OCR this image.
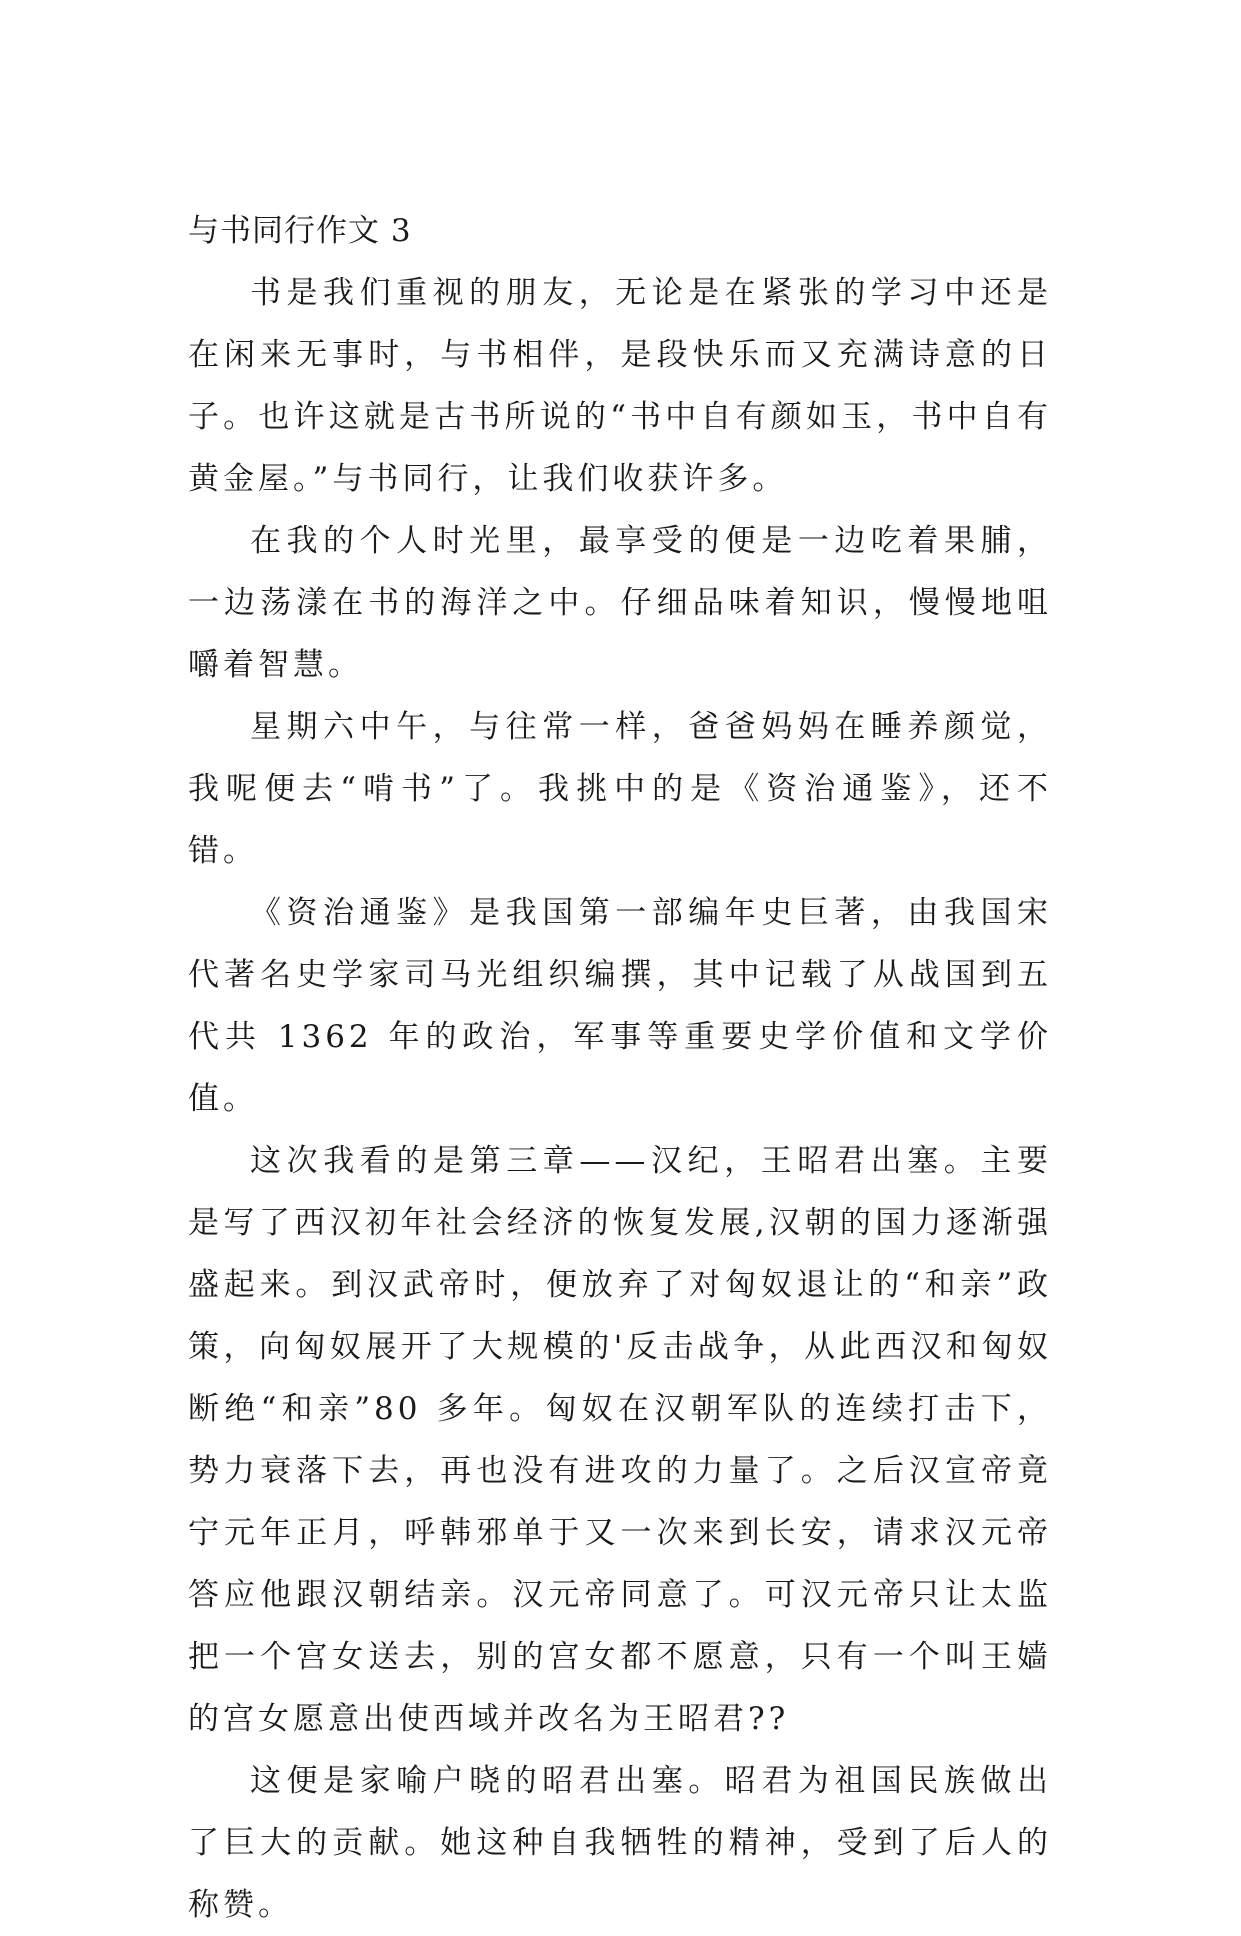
与书同行作文 3

书是我们重视的朋友，无论是在紧张的学习中还是在闲来无事时，与书相伴，是段快乐而又充满诗意的日子。也许这就是古书所说的“书中自有颜如玉，书中自有黄金屋。”与书同行，让我们收获许多。

在我的个人时光里，最享受的便是一边吃着果脯，一边荡漾在书的海洋之中。仔细品味着知识，慢慢地咀嚼着智慧。

星期六中午，与往常一样，爸爸妈妈在睡养颜觉，我呢便去“啃书”了。我挑中的是《资治通鉴》，还不错。

《资治通鉴》是我国第一部编年史巨著，由我国宋代著名史学家司马光组织编撰，其中记载了从战国到五代共 1362 年的政治，军事等重要史学价值和文学价值。

这次我看的是第三章——汉纪，王昭君出塞。主要是写了西汉初年社会经济的恢复发展,汉朝的国力逐渐强盛起来。到汉武帝时，便放弃了对匈奴退让的“和亲”政策，向匈奴展开了大规模的'反击战争，从此西汉和匈奴断绝“和亲”80 多年。匈奴在汉朝军队的连续打击下，势力衰落下去，再也没有进攻的力量了。之后汉宣帝竟宁元年正月，呼韩邪单于又一次来到长安，请求汉元帝答应他跟汉朝结亲。汉元帝同意了。可汉元帝只让太监把一个宫女送去，别的宫女都不愿意，只有一个叫王嫱的宫女愿意出使西域并改名为王昭君??

这便是家喻户晓的昭君出塞。昭君为祖国民族做出了巨大的贡献。她这种自我牺牲的精神，受到了后人的称赞。
